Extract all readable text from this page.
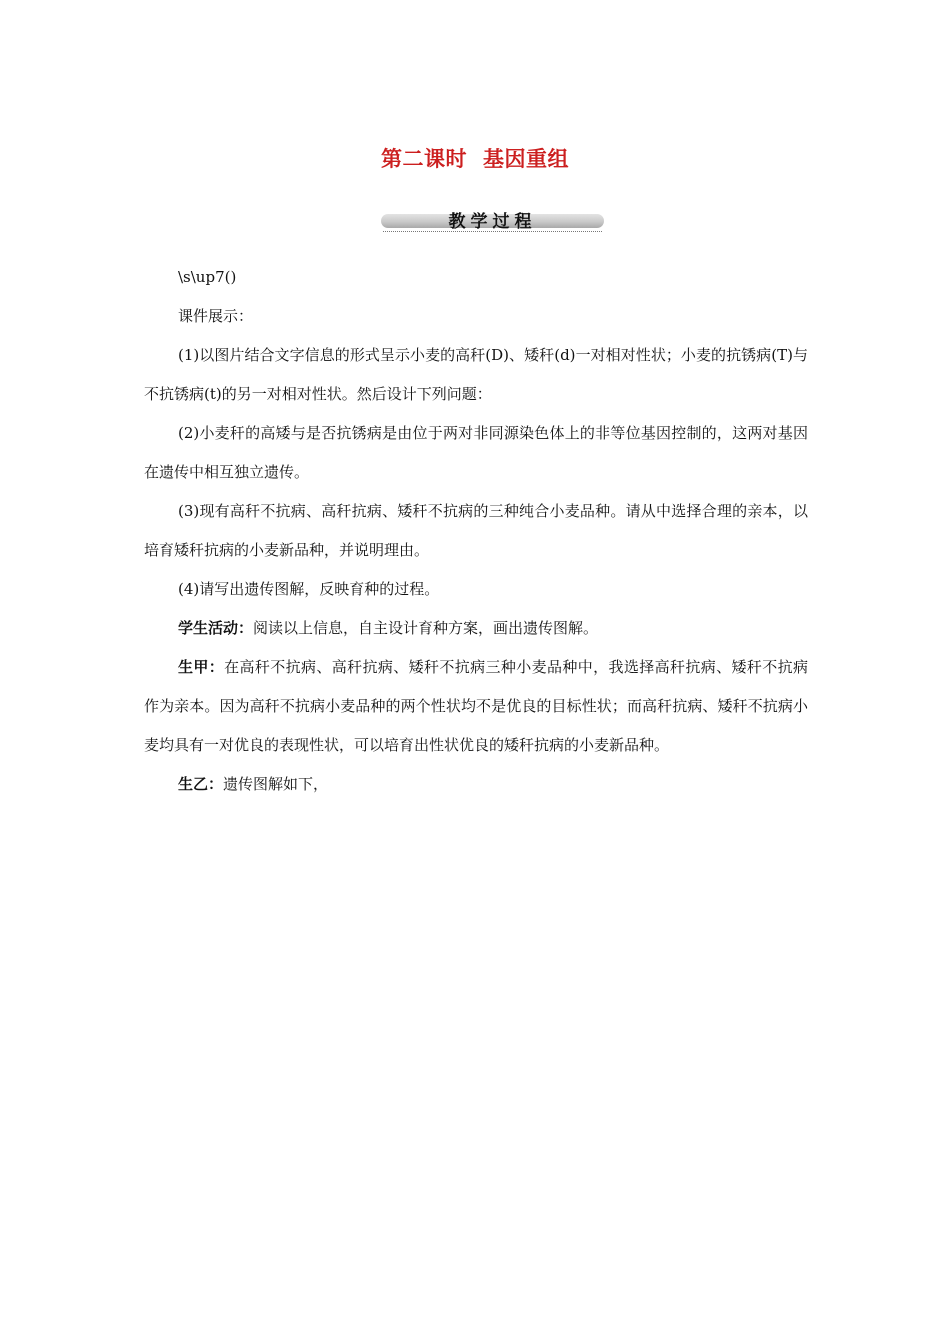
第二课时 基因重组
教学过程

\s\up7()

课件展示：

(1)以图片结合文字信息的形式呈示小麦的高秆(D)、矮秆(d)一对相对性状；小麦的抗锈病(T)与不抗锈病(t)的另一对相对性状。然后设计下列问题：

(2)小麦秆的高矮与是否抗锈病是由位于两对非同源染色体上的非等位基因控制的，这两对基因在遗传中相互独立遗传。

(3)现有高秆不抗病、高秆抗病、矮秆不抗病的三种纯合小麦品种。请从中选择合理的亲本，以培育矮秆抗病的小麦新品种，并说明理由。

(4)请写出遗传图解，反映育种的过程。

学生活动：阅读以上信息，自主设计育种方案，画出遗传图解。

生甲：在高秆不抗病、高秆抗病、矮秆不抗病三种小麦品种中，我选择高秆抗病、矮秆不抗病作为亲本。因为高秆不抗病小麦品种的两个性状均不是优良的目标性状；而高秆抗病、矮秆不抗病小麦均具有一对优良的表现性状，可以培育出性状优良的矮秆抗病的小麦新品种。

生乙：遗传图解如下，
